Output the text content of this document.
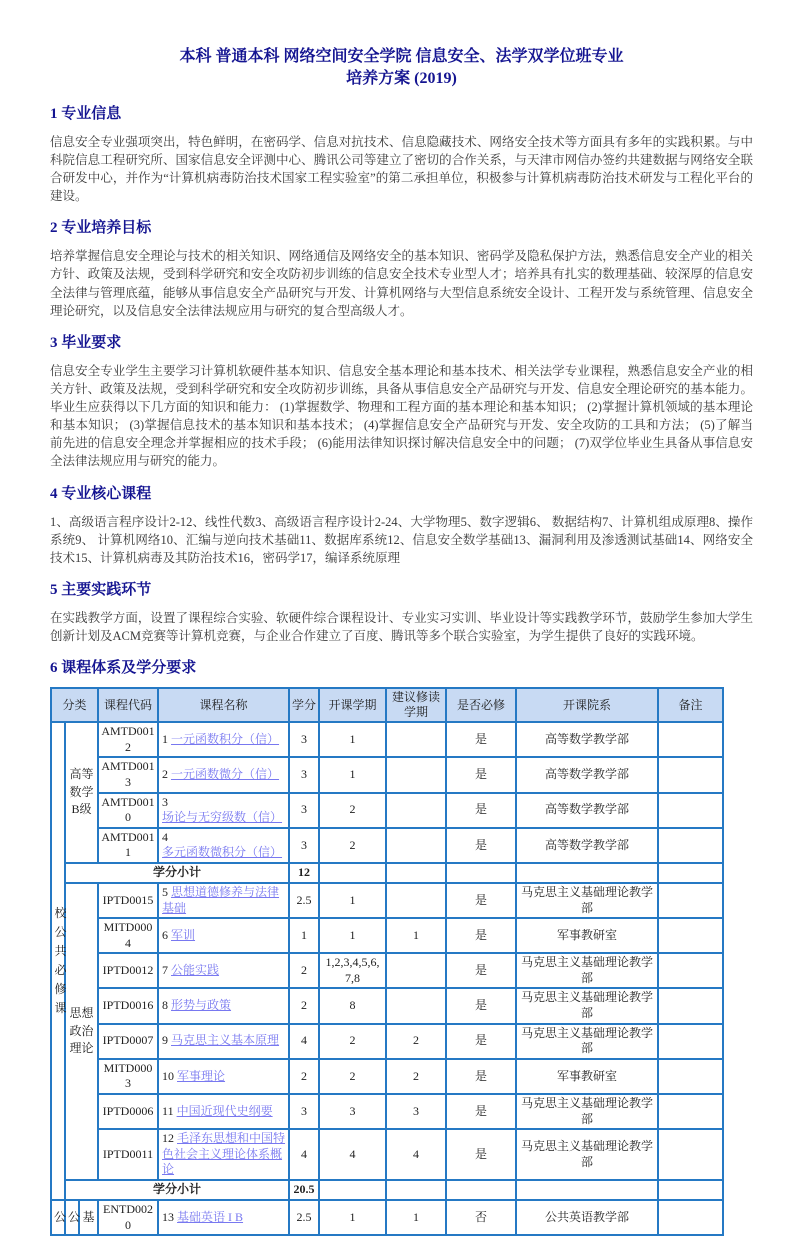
本科 普通本科 网络空间安全学院 信息安全、法学双学位班专业
培养方案 (2019)
1 专业信息

信息安全专业强项突出，特色鲜明，在密码学、信息对抗技术、信息隐藏技术、网络安全技术等方面具有多年的实践积累。与中科院信息工程研究所、国家信息安全评测中心、腾讯公司等建立了密切的合作关系，与天津市网信办签约共建数据与网络安全联合研发中心，并作为“计算机病毒防治技术国家工程实验室”的第二承担单位，积极参与计算机病毒防治技术研发与工程化平台的建设。

2 专业培养目标

培养掌握信息安全理论与技术的相关知识、网络通信及网络安全的基本知识、密码学及隐私保护方法，熟悉信息安全产业的相关方针、政策及法规，受到科学研究和安全攻防初步训练的信息安全技术专业型人才；培养具有扎实的数理基础、较深厚的信息安全法律与管理底蕴，能够从事信息安全产品研究与开发、计算机网络与大型信息系统安全设计、工程开发与系统管理、信息安全理论研究，以及信息安全法律法规应用与研究的复合型高级人才。

3 毕业要求

信息安全专业学生主要学习计算机软硬件基本知识、信息安全基本理论和基本技术、相关法学专业课程，熟悉信息安全产业的相关方针、政策及法规，受到科学研究和安全攻防初步训练，具备从事信息安全产品研究与开发、信息安全理论研究的基本能力。毕业生应获得以下几方面的知识和能力： (1)掌握数学、物理和工程方面的基本理论和基本知识； (2)掌握计算机领域的基本理论和基本知识； (3)掌握信息技术的基本知识和基本技术； (4)掌握信息安全产品研究与开发、安全攻防的工具和方法； (5)了解当前先进的信息安全理念并掌握相应的技术手段； (6)能用法律知识探讨解决信息安全中的问题； (7)双学位毕业生具备从事信息安全法律法规应用与研究的能力。

4 专业核心课程

1、高级语言程序设计2-12、线性代数3、高级语言程序设计2-24、大学物理5、数字逻辑6、 数据结构7、计算机组成原理8、操作系统9、 计算机网络10、汇编与逆向技术基础11、数据库系统12、信息安全数学基础13、漏洞利用及渗透测试基础14、网络安全技术15、计算机病毒及其防治技术16，密码学17，编译系统原理

5 主要实践环节

在实践教学方面，设置了课程综合实验、软硬件综合课程设计、专业实习实训、毕业设计等实践教学环节，鼓励学生参加大学生创新计划及ACM竞赛等计算机竞赛，与企业合作建立了百度、腾讯等多个联合实验室，为学生提供了良好的实践环境。

6 课程体系及学分要求
分类			课程代码	课程名称	学分	开课学期	建议修读学期	是否必修	开课院系	备注
校公共必修课	高等数学B级		AMTD0012	1 一元函数积分（信）	3	1		是	高等数学教学部	
			AMTD0013	2 一元函数微分（信）	3	1		是	高等数学教学部	
			AMTD0010	3 场论与无穷级数（信）	3	2		是	高等数学教学部	
			AMTD0011	4 多元函数微积分（信）	3	2		是	高等数学教学部	
	学分小计				12					
	思想政治理论		IPTD0015	5 思想道德修养与法律基础	2.5	1		是	马克思主义基础理论教学部	
			MITD0004	6 军训	1	1	1	是	军事教研室	
			IPTD0012	7 公能实践	2	1,2,3,4,5,6,7,8		是	马克思主义基础理论教学部	
			IPTD0016	8 形势与政策	2	8		是	马克思主义基础理论教学部	
			IPTD0007	9 马克思主义基本原理	4	2	2	是	马克思主义基础理论教学部	
			MITD0003	10 军事理论	2	2	2	是	军事教研室	
			IPTD0006	11 中国近现代史纲要	3	3	3	是	马克思主义基础理论教学部	
			IPTD0011	12 毛泽东思想和中国特色社会主义理论体系概论	4	4	4	是	马克思主义基础理论教学部	
	学分小计				20.5					
公	公	基	ENTD0020	13 基础英语 I B	2.5	1	1	否	公共英语教学部	
